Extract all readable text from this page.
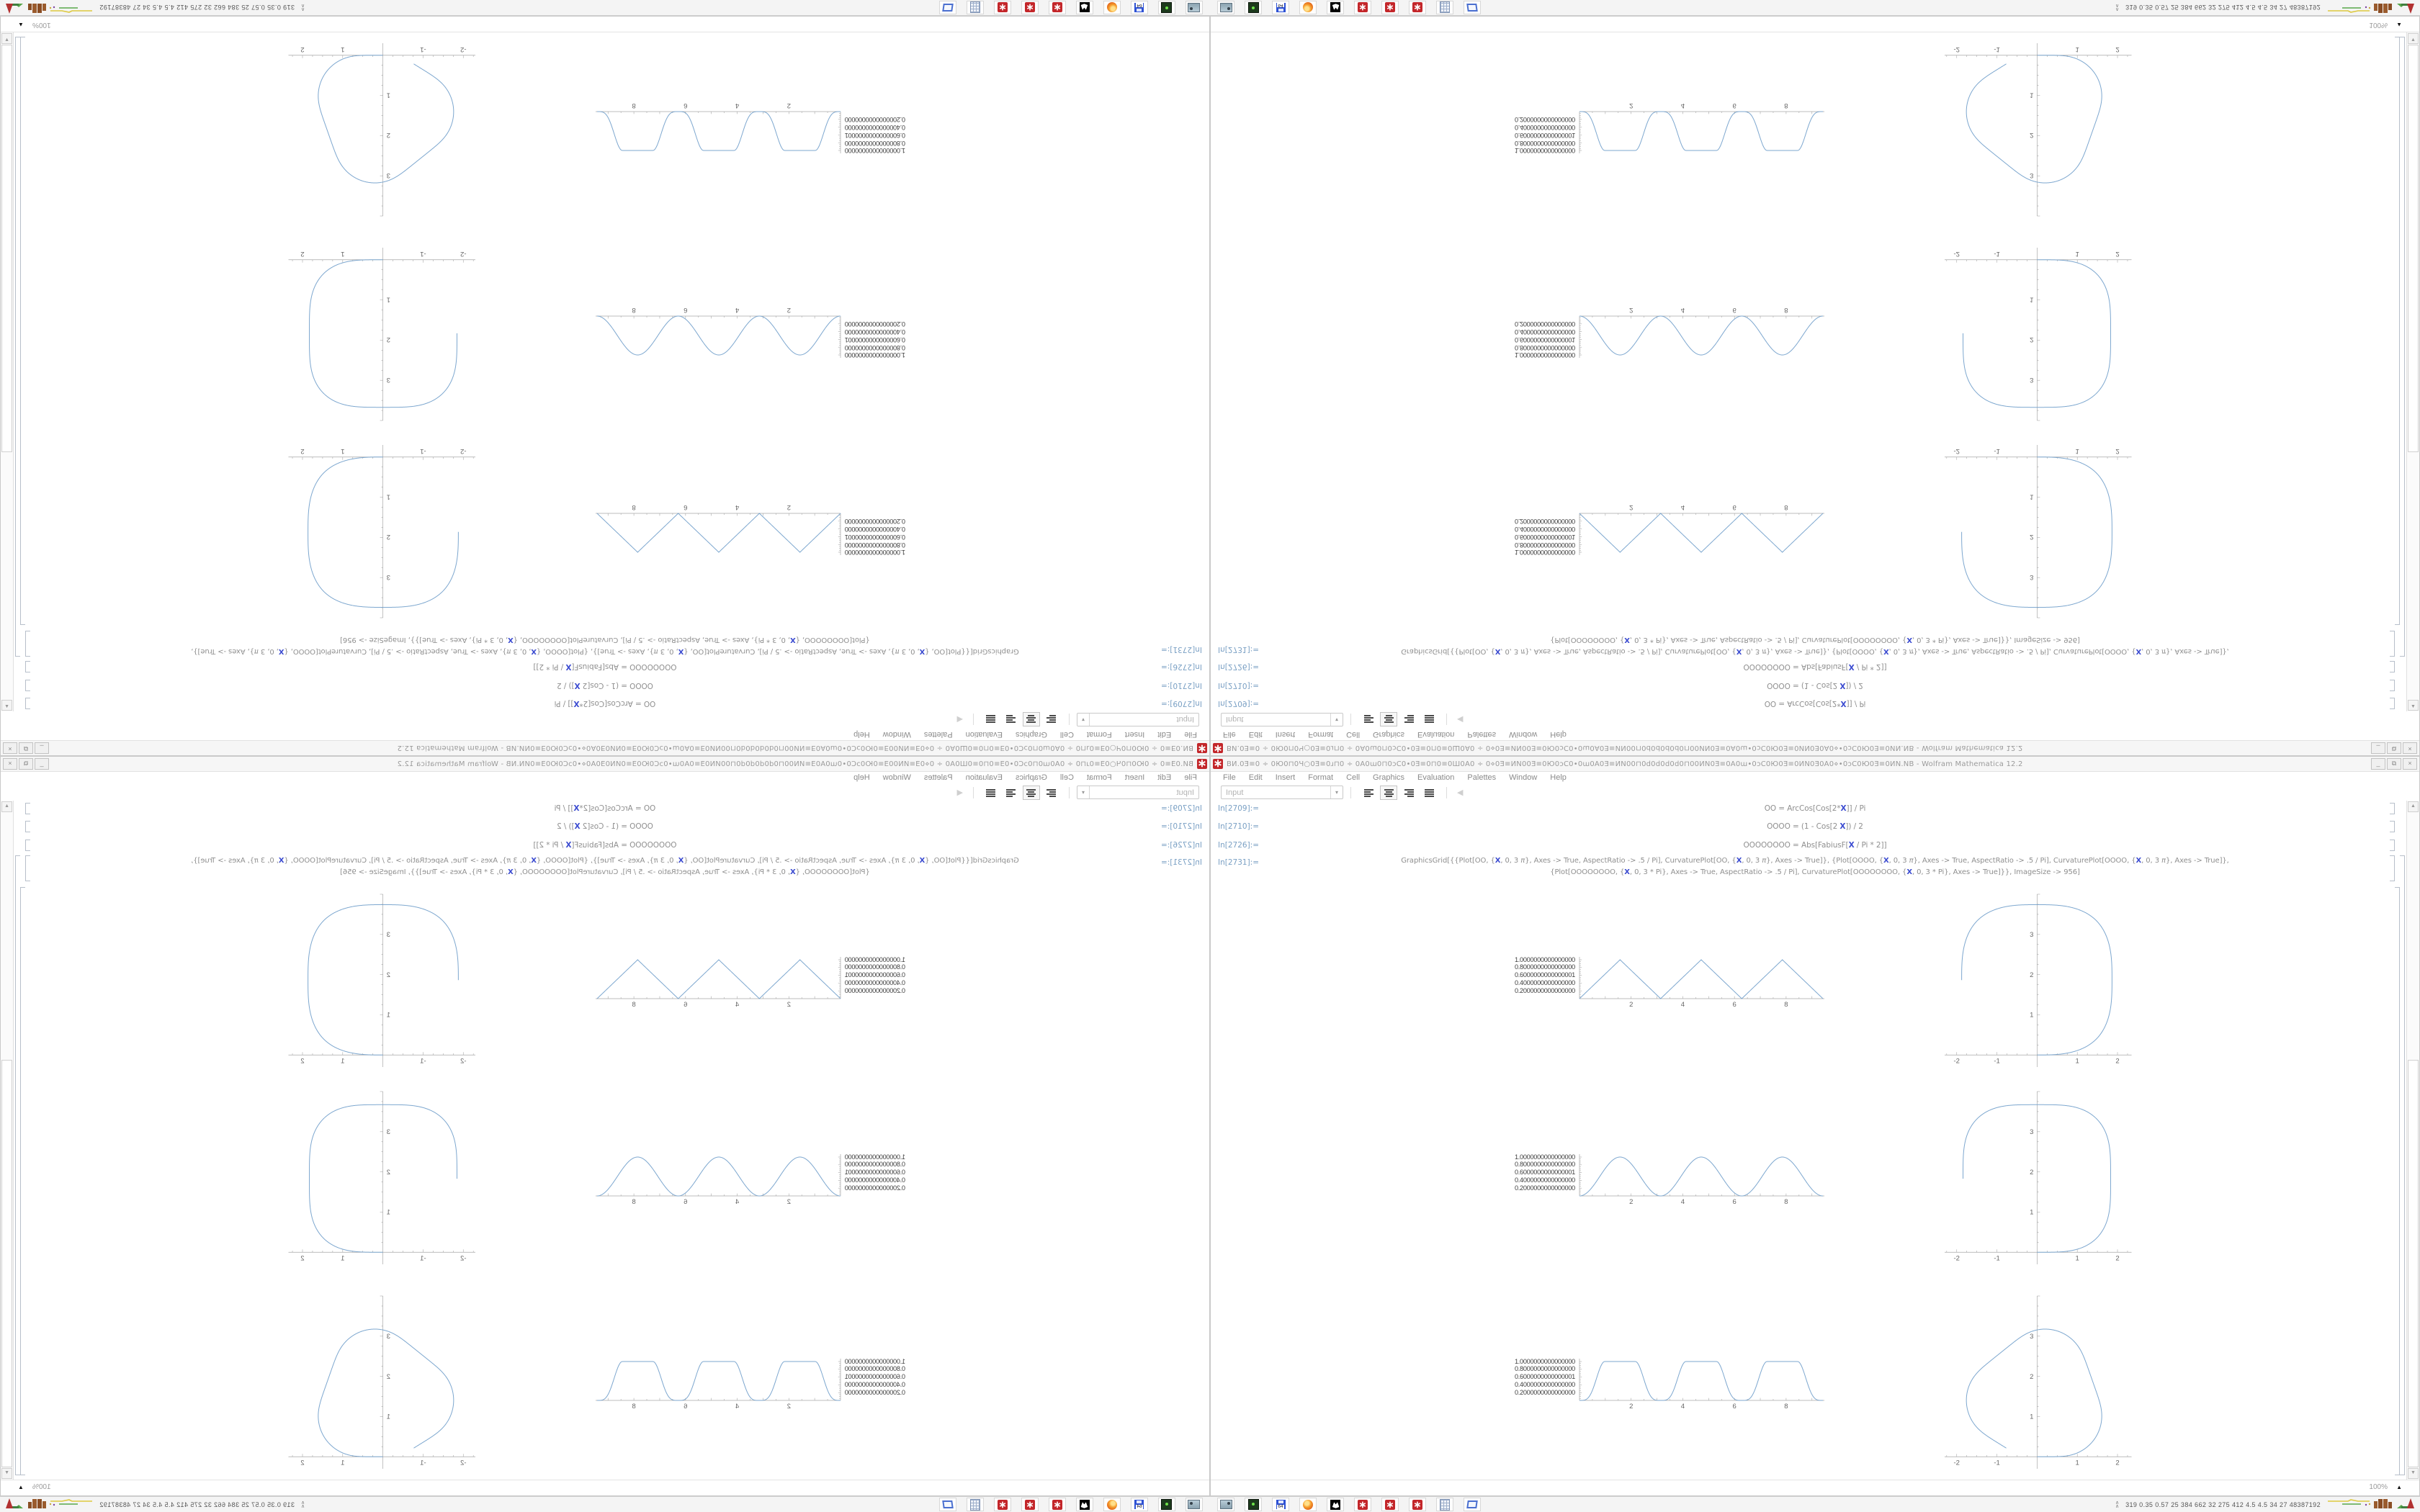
∗
ВИ.0Ǝ≡0 ÷ 0Ю0⊓0Ч○0Ǝ≡0ɹ⊓0 ÷ 0A0ɯ0⊓0ɔC0•0Ǝ≡0⊓0≡0Ш0A0 ÷ 0⋄0Ǝ≡ИN00Ǝ≡0Ю0ɔC0•0ɯ0A0Ǝ≡ИN00⊓0d0d0d0d0⊓00ИN0Ǝ≡0A0ɯ•0ɔC0Ю0Ǝ≡0ИN0Ǝ0A0⋄•0ɔC0Ю0Ǝ≡0ИN.NB - Wolfram Mathematica 12.2
_
⧉
×
File
Edit
Insert
Format
Cell
Graphics
Evaluation
Palettes
Window
Help
Input
▾
◀
In[2709]:=
In[2710]:=
In[2726]:=
In[2731]:=
OO = ArcCos[Cos[2*X]] / Pi
OOOO = (1 - Cos[2 X]) / 2
OOOOOOOO = Abs[FabiusF[X / Pi * 2]]
GraphicsGrid[{{Plot[OO, {X, 0, 3 π}, Axes -> True, AspectRatio -> .5 / Pi], CurvaturePlot[OO, {X, 0, 3 π}, Axes -> True]}, {Plot[OOOO, {X, 0, 3 π}, Axes -> True, AspectRatio -> .5 / Pi], CurvaturePlot[OOOO, {X, 0, 3 π}, Axes -> True]},
{Plot[OOOOOOOO, {X, 0, 3 * Pi}, Axes -> True, AspectRatio -> .5 / Pi], CurvaturePlot[OOOOOOOO, {X, 0, 3 * Pi}, Axes -> True]}}, ImageSize -> 956]
1.0000000000000000
0.8000000000000000
0.6000000000000001
0.4000000000000000
0.2000000000000000
2
4
6
8
-2
-1
1
2
1
2
3
1.0000000000000000
0.8000000000000000
0.6000000000000001
0.4000000000000000
0.2000000000000000
2
4
6
8
-2
-1
1
2
1
2
3
1.0000000000000000
0.8000000000000000
0.6000000000000001
0.4000000000000000
0.2000000000000000
2
4
6
8
-2
-1
1
2
1
2
3
▲
▼
100%
▲
64
∗
∗
∗
∧
∧
319 0.35 0.57 25 384 662 32 275 412 4.5 4.5 34 27 48387192
∗ ВИ.0Ǝ≡0 ÷ 0Ю0⊓0Ч○0Ǝ≡0ɹ⊓0 ÷ 0A0ɯ0⊓0ɔC0•0Ǝ≡0⊓0≡0Ш0A0 ÷ 0⋄0Ǝ≡ИN00Ǝ≡0Ю0ɔC0•0ɯ0A0Ǝ≡ИN00⊓0d0d0d0d0⊓00ИN0Ǝ≡0A0ɯ•0ɔC0Ю0Ǝ≡0ИN0Ǝ0A0⋄•0ɔC0Ю0Ǝ≡0ИN.NB - Wolfram Mathematica 12.2	_	⧉	×
File	Edit	Insert	Format	Cell	Graphics	Evaluation	Palettes	Window	Help
Input	▾	◀
In[2709]:=
In[2710]:=
In[2726]:=
In[2731]:=
OO = ArcCos[Cos[2*X]] / Pi
OOOO = (1 - Cos[2 X]) / 2
OOOOOOOO = Abs[FabiusF[X / Pi * 2]]
GraphicsGrid[{{Plot[OO, {X, 0, 3 π}, Axes -> True, AspectRatio -> .5 / Pi], CurvaturePlot[OO, {X, 0, 3 π}, Axes -> True]}, {Plot[OOOO, {X, 0, 3 π}, Axes -> True, AspectRatio -> .5 / Pi], CurvaturePlot[OOOO, {X, 0, 3 π}, Axes -> True]},
{Plot[OOOOOOOO, {X, 0, 3 * Pi}, Axes -> True, AspectRatio -> .5 / Pi], CurvaturePlot[OOOOOOOO, {X, 0, 3 * Pi}, Axes -> True]}}, ImageSize -> 956]
1.0000000000000000
0.8000000000000000
0.6000000000000001
0.4000000000000000
0.2000000000000000
2	4	6	8
-2	-1	1	2
1
2
3
1.0000000000000000
0.8000000000000000
0.6000000000000001
0.4000000000000000
0.2000000000000000
2	4	6	8
-2	-1	1	2
1
2
3
1.0000000000000000
0.8000000000000000
0.6000000000000001
0.4000000000000000
0.2000000000000000
2	4	6	8
-2	-1	1	2
1
2
3
▲
▼
100% ▲
64	∗ ∗ ∗	∧
∧ 319 0.35 0.57 25 384 662 32 275 412 4.5 4.5 34 27 48387192
∗
ВИ.0Ǝ≡0 ÷ 0Ю0⊓0Ч○0Ǝ≡0ɹ⊓0 ÷ 0A0ɯ0⊓0ɔC0•0Ǝ≡0⊓0≡0Ш0A0 ÷ 0⋄0Ǝ≡ИN00Ǝ≡0Ю0ɔC0•0ɯ0A0Ǝ≡ИN00⊓0d0d0d0d0⊓00ИN0Ǝ≡0A0ɯ•0ɔC0Ю0Ǝ≡0ИN0Ǝ0A0⋄•0ɔC0Ю0Ǝ≡0ИN.NB - Wolfram Mathematica 12.2
_
⧉
×
File
Edit
Insert
Format
Cell
Graphics
Evaluation
Palettes
Window
Help
Input
▾
◀
In[2709]:=
In[2710]:=
In[2726]:=
In[2731]:=
OO = ArcCos[Cos[2*X]] / Pi
OOOO = (1 - Cos[2 X]) / 2
OOOOOOOO = Abs[FabiusF[X / Pi * 2]]
GraphicsGrid[{{Plot[OO, {X, 0, 3 π}, Axes -> True, AspectRatio -> .5 / Pi], CurvaturePlot[OO, {X, 0, 3 π}, Axes -> True]}, {Plot[OOOO, {X, 0, 3 π}, Axes -> True, AspectRatio -> .5 / Pi], CurvaturePlot[OOOO, {X, 0, 3 π}, Axes -> True]},
{Plot[OOOOOOOO, {X, 0, 3 * Pi}, Axes -> True, AspectRatio -> .5 / Pi], CurvaturePlot[OOOOOOOO, {X, 0, 3 * Pi}, Axes -> True]}}, ImageSize -> 956]
1.0000000000000000
0.8000000000000000
0.6000000000000001
0.4000000000000000
0.2000000000000000
2
4
6
8
-2
-1
1
2
1
2
3
1.0000000000000000
0.8000000000000000
0.6000000000000001
0.4000000000000000
0.2000000000000000
2
4
6
8
-2
-1
1
2
1
2
3
1.0000000000000000
0.8000000000000000
0.6000000000000001
0.4000000000000000
0.2000000000000000
2
4
6
8
-2
-1
1
2
1
2
3
▲
▼
100%
▲
64
∗
∗
∗
∧
∧
319 0.35 0.57 25 384 662 32 275 412 4.5 4.5 34 27 48387192
∗ ВИ.0Ǝ≡0 ÷ 0Ю0⊓0Ч○0Ǝ≡0ɹ⊓0 ÷ 0A0ɯ0⊓0ɔC0•0Ǝ≡0⊓0≡0Ш0A0 ÷ 0⋄0Ǝ≡ИN00Ǝ≡0Ю0ɔC0•0ɯ0A0Ǝ≡ИN00⊓0d0d0d0d0⊓00ИN0Ǝ≡0A0ɯ•0ɔC0Ю0Ǝ≡0ИN0Ǝ0A0⋄•0ɔC0Ю0Ǝ≡0ИN.NB - Wolfram Mathematica 12.2	_	⧉	×
File	Edit	Insert	Format	Cell	Graphics	Evaluation	Palettes	Window	Help
Input	▾	◀
In[2709]:=
In[2710]:=
In[2726]:=
In[2731]:=
OO = ArcCos[Cos[2*X]] / Pi
OOOO = (1 - Cos[2 X]) / 2
OOOOOOOO = Abs[FabiusF[X / Pi * 2]]
GraphicsGrid[{{Plot[OO, {X, 0, 3 π}, Axes -> True, AspectRatio -> .5 / Pi], CurvaturePlot[OO, {X, 0, 3 π}, Axes -> True]}, {Plot[OOOO, {X, 0, 3 π}, Axes -> True, AspectRatio -> .5 / Pi], CurvaturePlot[OOOO, {X, 0, 3 π}, Axes -> True]},
{Plot[OOOOOOOO, {X, 0, 3 * Pi}, Axes -> True, AspectRatio -> .5 / Pi], CurvaturePlot[OOOOOOOO, {X, 0, 3 * Pi}, Axes -> True]}}, ImageSize -> 956]
1.0000000000000000
0.8000000000000000
0.6000000000000001
0.4000000000000000
0.2000000000000000
2	4	6	8
-2	-1	1	2
1
2
3
1.0000000000000000
0.8000000000000000
0.6000000000000001
0.4000000000000000
0.2000000000000000
2	4	6	8
-2	-1	1	2
1
2
3
1.0000000000000000
0.8000000000000000
0.6000000000000001
0.4000000000000000
0.2000000000000000
2	4	6	8
-2	-1	1	2
1
2
3
▲
▼
100% ▲
64	∗ ∗ ∗	∧
∧ 319 0.35 0.57 25 384 662 32 275 412 4.5 4.5 34 27 48387192
